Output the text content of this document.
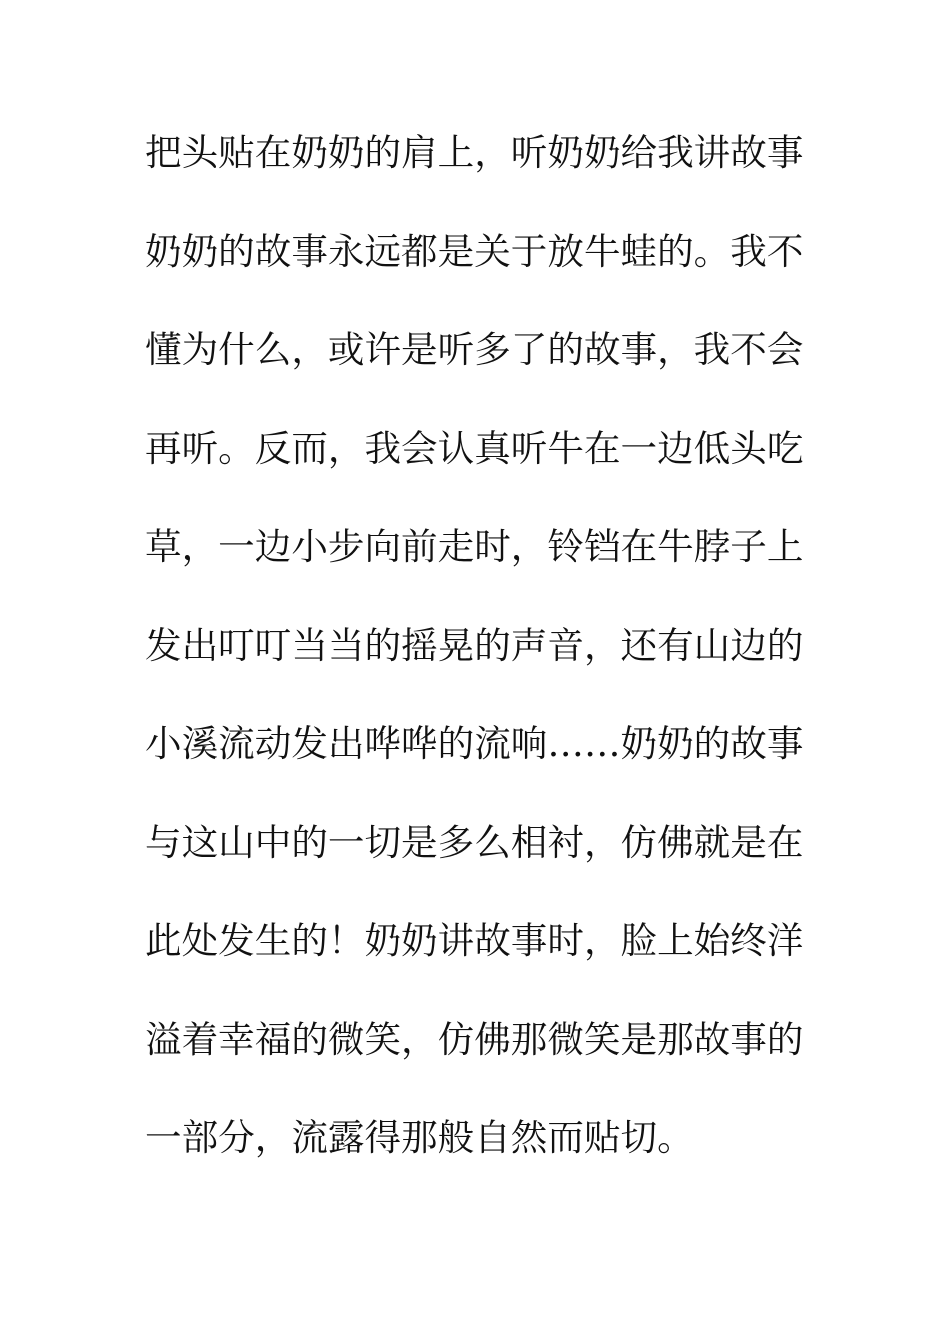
把头贴在奶奶的肩上，听奶奶给我讲故事
奶奶的故事永远都是关于放牛蛙的。我不
懂为什么，或许是听多了的故事，我不会
再听。反而，我会认真听牛在一边低头吃
草，一边小步向前走时，铃铛在牛脖子上
发出叮叮当当的摇晃的声音，还有山边的
小溪流动发出哗哗的流响……奶奶的故事
与这山中的一切是多么相衬，仿佛就是在
此处发生的！奶奶讲故事时，脸上始终洋
溢着幸福的微笑，仿佛那微笑是那故事的
一部分，流露得那般自然而贴切。
